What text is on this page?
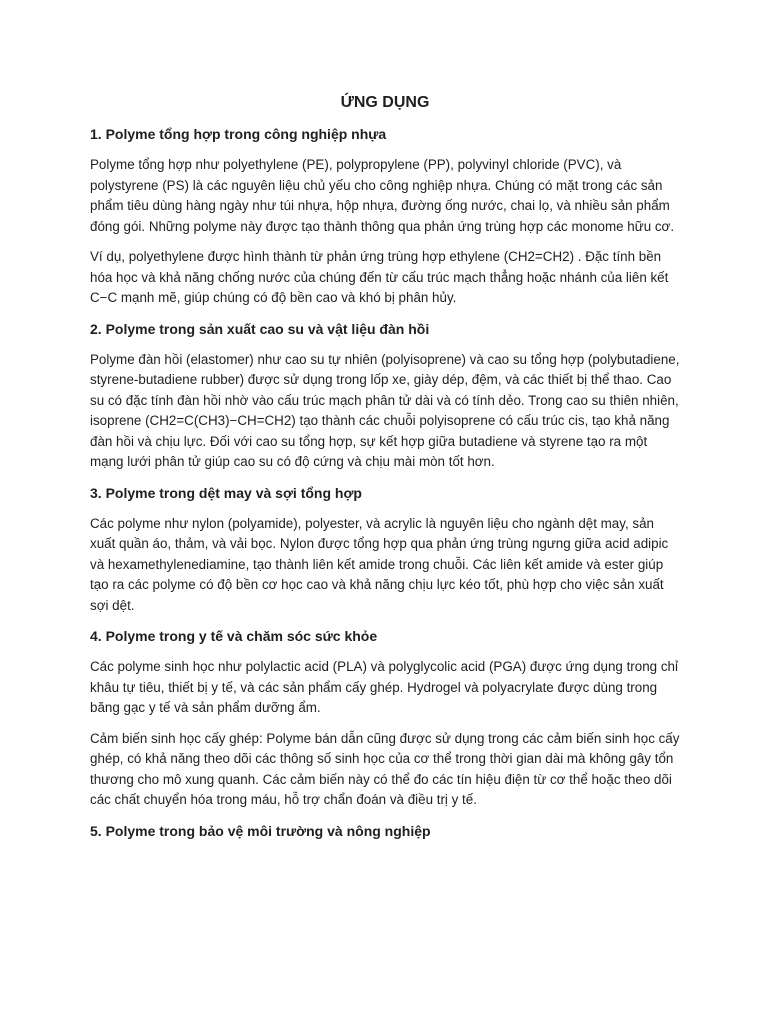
ỨNG DỤNG
1. Polyme tổng hợp trong công nghiệp nhựa

Polyme tổng hợp như polyethylene (PE), polypropylene (PP), polyvinyl chloride (PVC), và polystyrene (PS) là các nguyên liệu chủ yếu cho công nghiệp nhựa. Chúng có mặt trong các sản phẩm tiêu dùng hàng ngày như túi nhựa, hộp nhựa, đường ống nước, chai lọ, và nhiều sản phẩm đóng gói. Những polyme này được tạo thành thông qua phản ứng trùng hợp các monome hữu cơ.

Ví dụ, polyethylene được hình thành từ phản ứng trùng hợp ethylene (CH2=CH2) . Đặc tính bền hóa học và khả năng chống nước của chúng đến từ cấu trúc mạch thẳng hoặc nhánh của liên kết C−C mạnh mẽ, giúp chúng có độ bền cao và khó bị phân hủy.

2. Polyme trong sản xuất cao su và vật liệu đàn hồi

Polyme đàn hồi (elastomer) như cao su tự nhiên (polyisoprene) và cao su tổng hợp (polybutadiene, styrene-butadiene rubber) được sử dụng trong lốp xe, giày dép, đệm, và các thiết bị thể thao. Cao su có đặc tính đàn hồi nhờ vào cấu trúc mạch phân tử dài và có tính dẻo. Trong cao su thiên nhiên, isoprene (CH2=C(CH3)−CH=CH2) tạo thành các chuỗi polyisoprene có cấu trúc cis, tạo khả năng đàn hồi và chịu lực. Đối với cao su tổng hợp, sự kết hợp giữa butadiene và styrene tạo ra một mạng lưới phân tử giúp cao su có độ cứng và chịu mài mòn tốt hơn.

3. Polyme trong dệt may và sợi tổng hợp

Các polyme như nylon (polyamide), polyester, và acrylic là nguyên liệu cho ngành dệt may, sản xuất quần áo, thảm, và vải bọc. Nylon được tổng hợp qua phản ứng trùng ngưng giữa acid adipic và hexamethylenediamine, tạo thành liên kết amide trong chuỗi. Các liên kết amide và ester giúp tạo ra các polyme có độ bền cơ học cao và khả năng chịu lực kéo tốt, phù hợp cho việc sản xuất sợi dệt.

4. Polyme trong y tế và chăm sóc sức khỏe

Các polyme sinh học như polylactic acid (PLA) và polyglycolic acid (PGA) được ứng dụng trong chỉ khâu tự tiêu, thiết bị y tế, và các sản phẩm cấy ghép. Hydrogel và polyacrylate được dùng trong băng gạc y tế và sản phẩm dưỡng ẩm.

Cảm biến sinh học cấy ghép: Polyme bán dẫn cũng được sử dụng trong các cảm biến sinh học cấy ghép, có khả năng theo dõi các thông số sinh học của cơ thể trong thời gian dài mà không gây tổn thương cho mô xung quanh. Các cảm biến này có thể đo các tín hiệu điện từ cơ thể hoặc theo dõi các chất chuyển hóa trong máu, hỗ trợ chẩn đoán và điều trị y tế.

5. Polyme trong bảo vệ môi trường và nông nghiệp
